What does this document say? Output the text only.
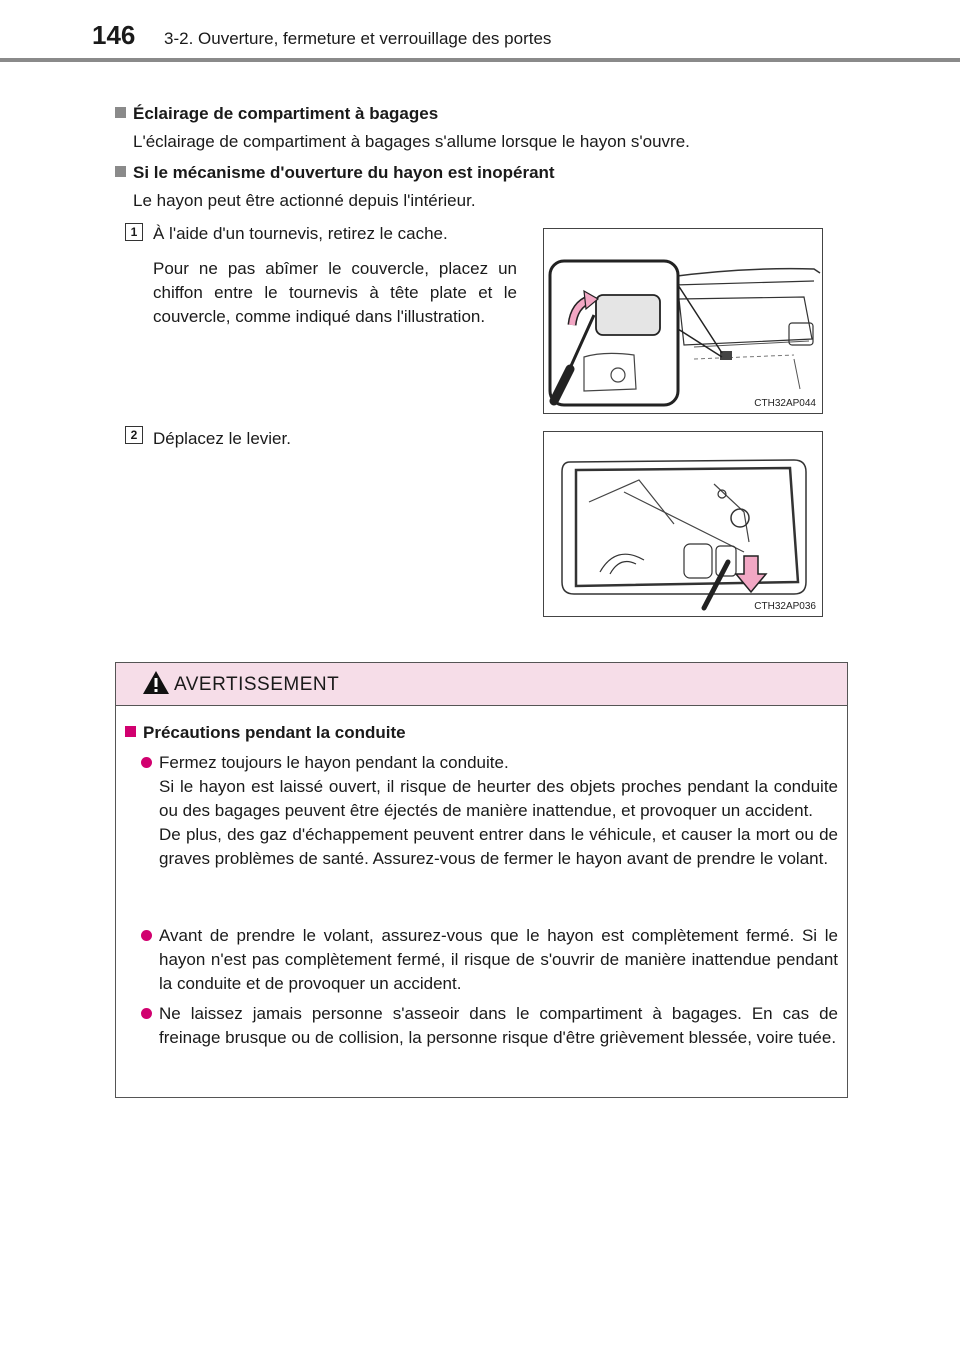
146 3-2. Ouverture, fermeture et verrouillage des portes
Éclairage de compartiment à bagages
L'éclairage de compartiment à bagages s'allume lorsque le hayon s'ouvre.
Si le mécanisme d'ouverture du hayon est inopérant
Le hayon peut être actionné depuis l'intérieur.
1 À l'aide d'un tournevis, retirez le cache.

Pour ne pas abîmer le couvercle, placez un chiffon entre le tournevis à tête plate et le couvercle, comme indiqué dans l'illustration.

CTH32AP044
2 Déplacez le levier.
CTH32AP036
AVERTISSEMENT
Précautions pendant la conduite

Fermez toujours le hayon pendant la conduite.

Si le hayon est laissé ouvert, il risque de heurter des objets proches pendant la conduite ou des bagages peuvent être éjectés de manière inattendue, et provoquer un accident.

De plus, des gaz d'échappement peuvent entrer dans le véhicule, et causer la mort ou de graves problèmes de santé. Assurez-vous de fermer le hayon avant de prendre le volant.

Avant de prendre le volant, assurez-vous que le hayon est complètement fermé. Si le hayon n'est pas complètement fermé, il risque de s'ouvrir de manière inattendue pendant la conduite et de provoquer un accident.

Ne laissez jamais personne s'asseoir dans le compartiment à bagages. En cas de freinage brusque ou de collision, la personne risque d'être grièvement blessée, voire tuée.
